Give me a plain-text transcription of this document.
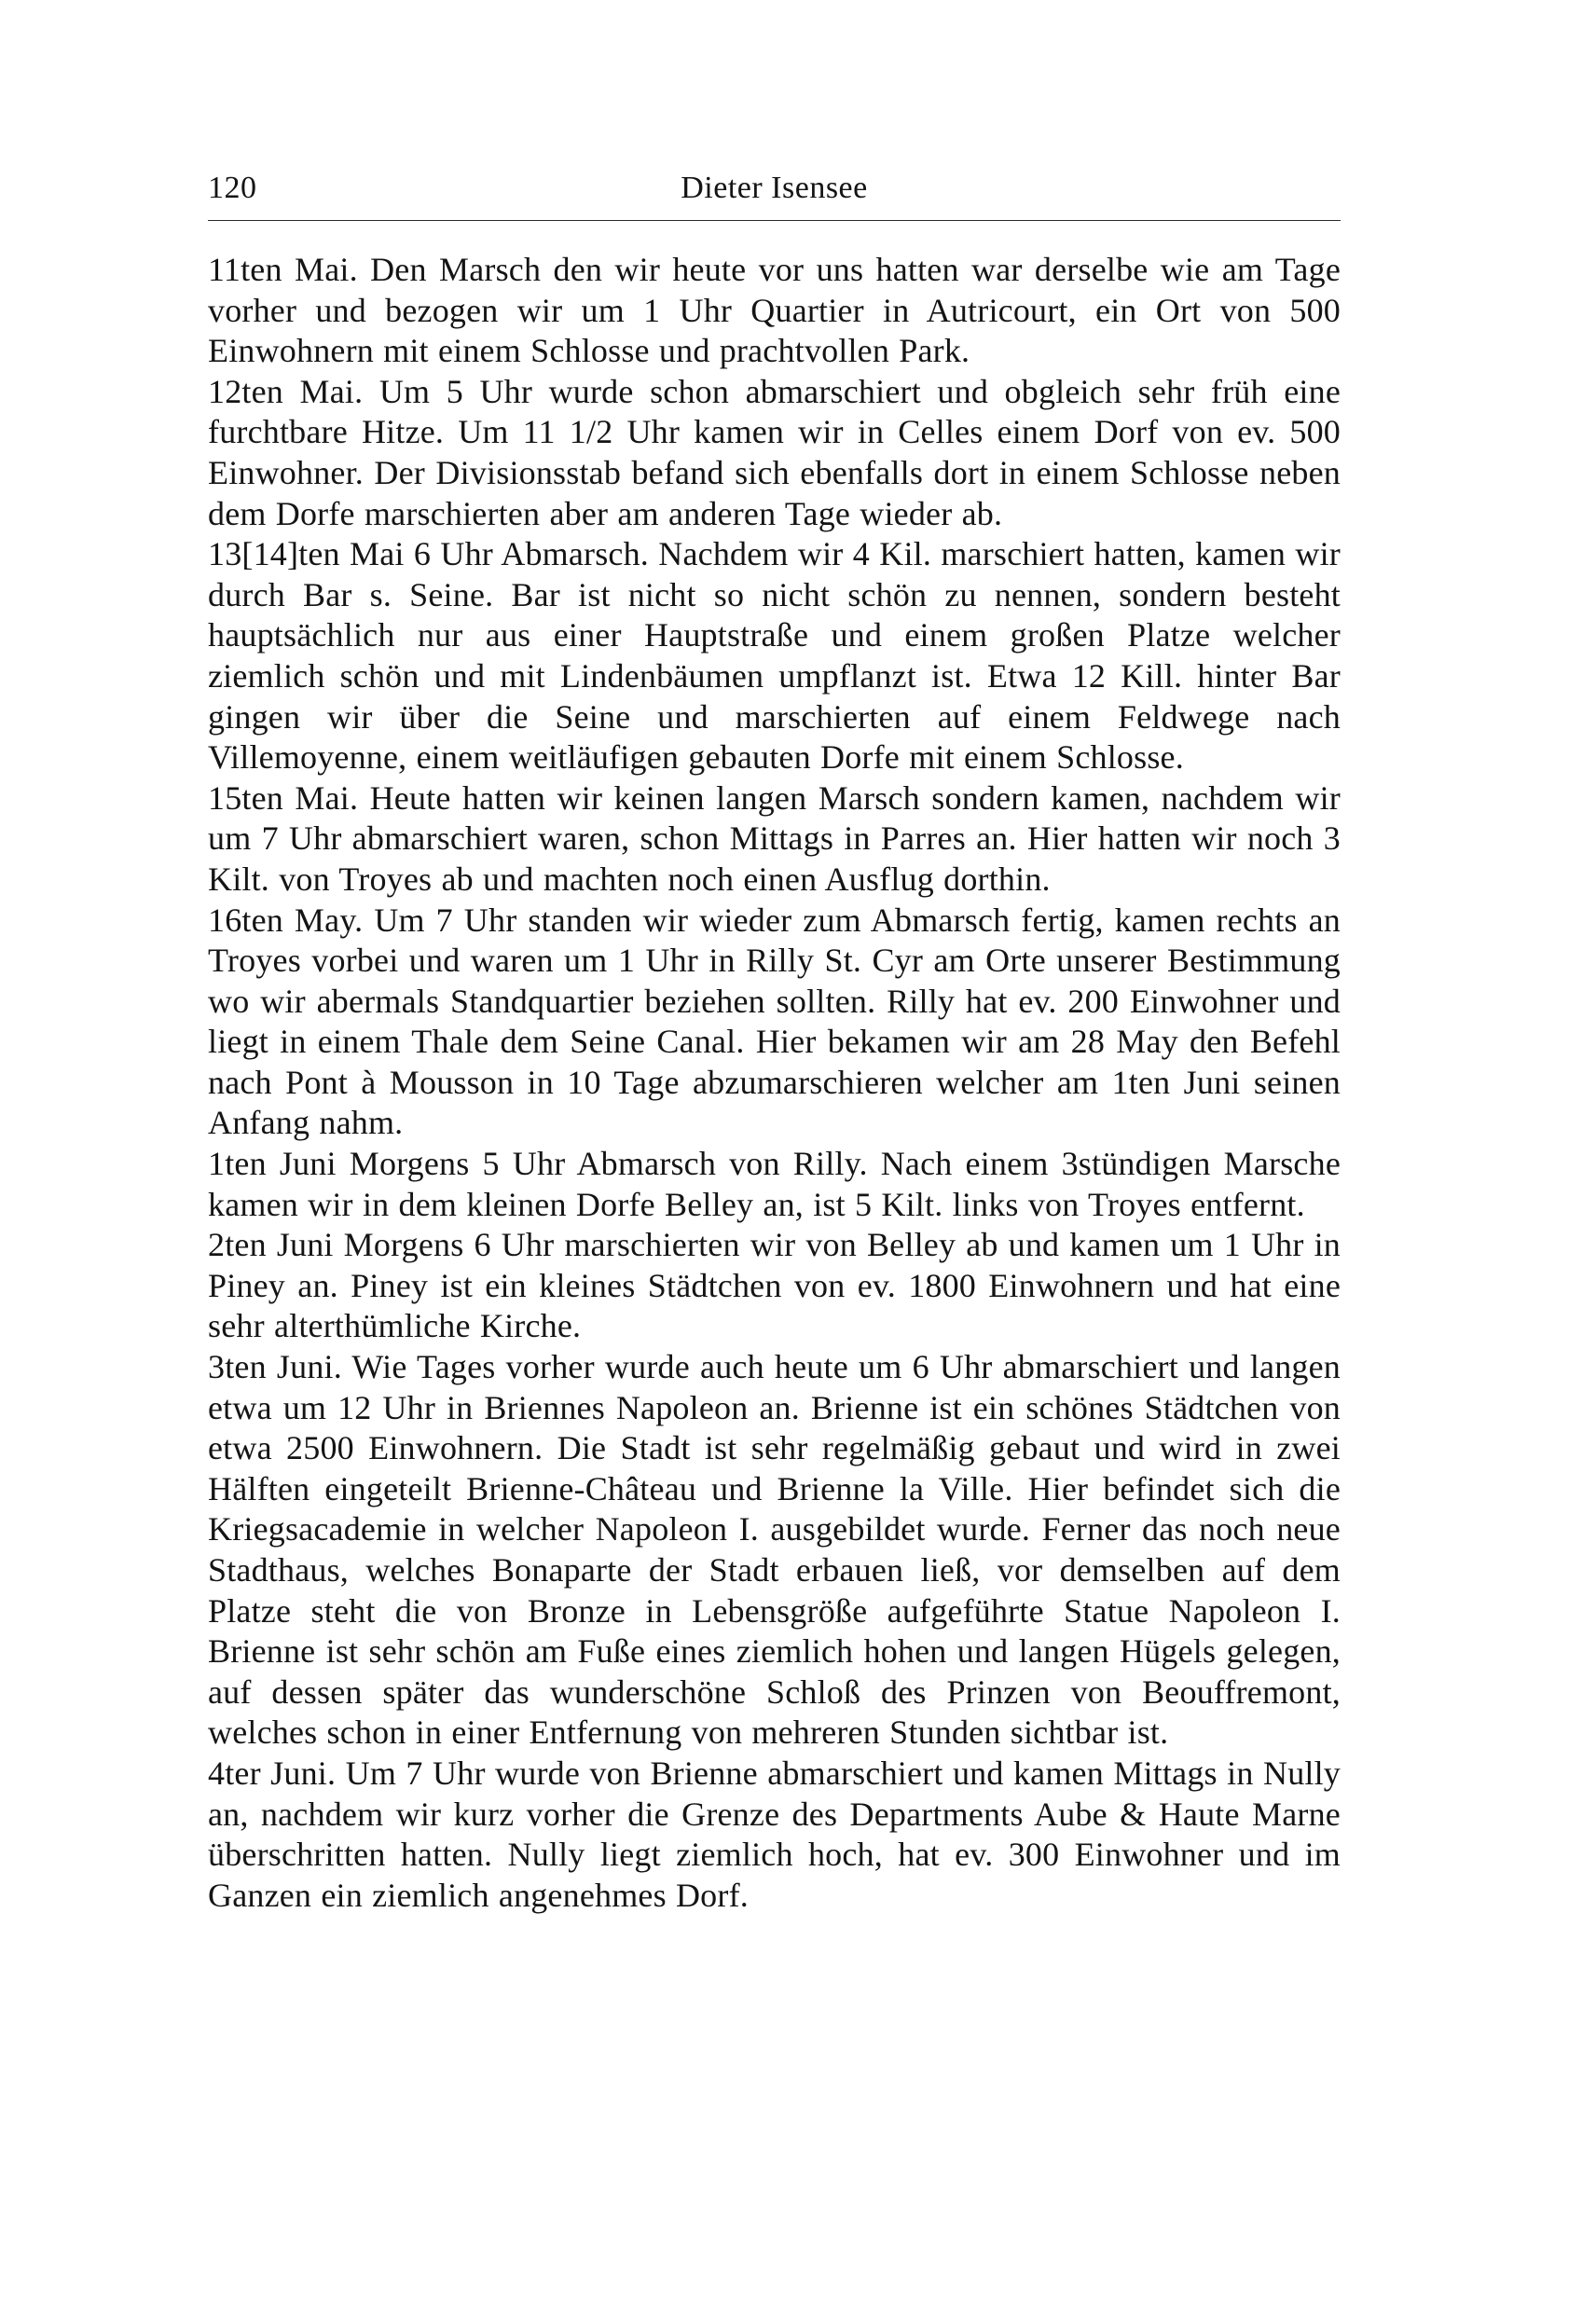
120	Dieter Isensee

11ten Mai. Den Marsch den wir heute vor uns hatten war derselbe wie am Tage vorher und bezogen wir um 1 Uhr Quartier in Autricourt, ein Ort von 500 Einwohnern mit einem Schlosse und prachtvollen Park.

12ten Mai. Um 5 Uhr wurde schon abmarschiert und obgleich sehr früh eine furchtbare Hitze. Um 11 1/2 Uhr kamen wir in Celles einem Dorf von ev. 500 Einwohner. Der Divisionsstab befand sich ebenfalls dort in einem Schlosse neben dem Dorfe marschierten aber am anderen Tage wieder ab.

13[14]ten Mai 6 Uhr Abmarsch. Nachdem wir 4 Kil. marschiert hatten, kamen wir durch Bar s. Seine. Bar ist nicht so nicht schön zu nennen, sondern besteht hauptsächlich nur aus einer Hauptstraße und einem großen Platze welcher ziemlich schön und mit Lindenbäumen umpflanzt ist. Etwa 12 Kill. hinter Bar gingen wir über die Seine und marschierten auf einem Feldwege nach Villemoyenne, einem weitläufigen gebauten Dorfe mit einem Schlosse.

15ten Mai. Heute hatten wir keinen langen Marsch sondern kamen, nachdem wir um 7 Uhr abmarschiert waren, schon Mittags in Parres an. Hier hatten wir noch 3 Kilt. von Troyes ab und machten noch einen Ausflug dorthin.

16ten May. Um 7 Uhr standen wir wieder zum Abmarsch fertig, kamen rechts an Troyes vorbei und waren um 1 Uhr in Rilly St. Cyr am Orte unserer Bestimmung wo wir abermals Standquartier beziehen sollten. Rilly hat ev. 200 Einwohner und liegt in einem Thale dem Seine Canal. Hier bekamen wir am 28 May den Befehl nach Pont à Mousson in 10 Tage abzumarschieren welcher am 1ten Juni seinen Anfang nahm.

1ten Juni Morgens 5 Uhr Abmarsch von Rilly. Nach einem 3stündigen Marsche kamen wir in dem kleinen Dorfe Belley an, ist 5 Kilt. links von Troyes entfernt.

2ten Juni Morgens 6 Uhr marschierten wir von Belley ab und kamen um 1 Uhr in Piney an. Piney ist ein kleines Städtchen von ev. 1800 Einwohnern und hat eine sehr alterthümliche Kirche.

3ten Juni. Wie Tages vorher wurde auch heute um 6 Uhr abmarschiert und langen etwa um 12 Uhr in Briennes Napoleon an. Brienne ist ein schönes Städtchen von etwa 2500 Einwohnern. Die Stadt ist sehr regelmäßig gebaut und wird in zwei Hälften eingeteilt Brienne-Château und Brienne la Ville. Hier befindet sich die Kriegsacademie in welcher Napoleon I. ausgebildet wurde. Ferner das noch neue Stadthaus, welches Bonaparte der Stadt erbauen ließ, vor demselben auf dem Platze steht die von Bronze in Lebensgröße aufgeführte Statue Napoleon I. Brienne ist sehr schön am Fuße eines ziemlich hohen und langen Hügels gelegen, auf dessen später das wunderschöne Schloß des Prinzen von Beouffremont, welches schon in einer Entfernung von mehreren Stunden sichtbar ist.

4ter Juni. Um 7 Uhr wurde von Brienne abmarschiert und kamen Mittags in Nully an, nachdem wir kurz vorher die Grenze des Departments Aube & Haute Marne überschritten hatten. Nully liegt ziemlich hoch, hat ev. 300 Einwohner und im Ganzen ein ziemlich angenehmes Dorf.
